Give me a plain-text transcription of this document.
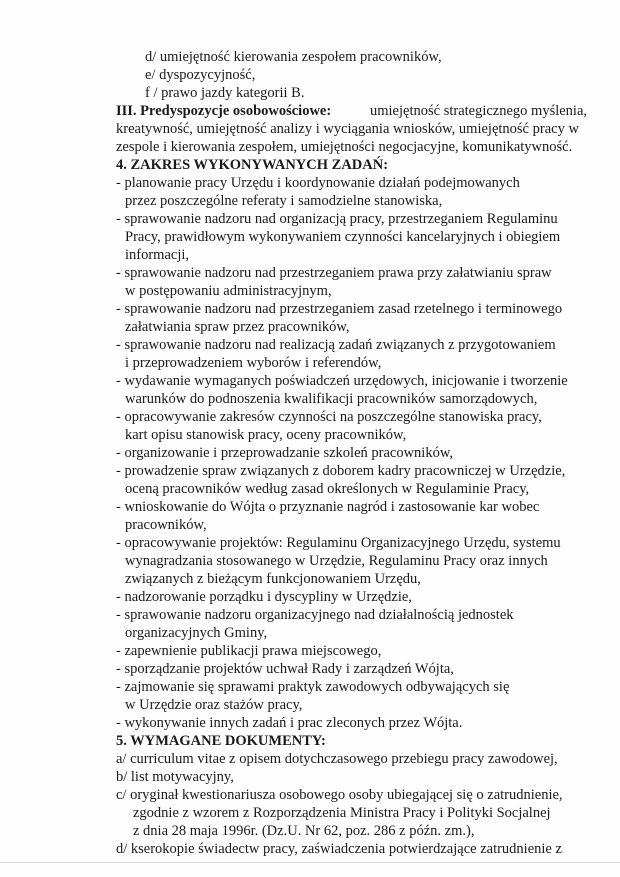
d/ umiejętność kierowania zespołem pracowników,
e/ dyspozycyjność,
f / prawo jazdy kategorii B.
III. Predyspozycje osobowościowe:	umiejętność strategicznego myślenia,
kreatywność, umiejętność analizy i wyciągania wniosków, umiejętność pracy w
zespole i kierowania zespołem, umiejętności negocjacyjne, komunikatywność.
4. ZAKRES WYKONYWANYCH ZADAŃ:
- planowanie pracy Urzędu i koordynowanie działań podejmowanych
przez poszczególne referaty i samodzielne stanowiska,
- sprawowanie nadzoru nad organizacją pracy, przestrzeganiem Regulaminu
Pracy, prawidłowym wykonywaniem czynności kancelaryjnych i obiegiem
informacji,
- sprawowanie nadzoru nad przestrzeganiem prawa przy załatwianiu spraw
w postępowaniu administracyjnym,
- sprawowanie nadzoru nad przestrzeganiem zasad rzetelnego i terminowego
załatwiania spraw przez pracowników,
- sprawowanie nadzoru nad realizacją zadań związanych z przygotowaniem
i przeprowadzeniem wyborów i referendów,
- wydawanie wymaganych poświadczeń urzędowych, inicjowanie i tworzenie
warunków do podnoszenia kwalifikacji pracowników samorządowych,
- opracowywanie zakresów czynności na poszczególne stanowiska pracy,
kart opisu stanowisk pracy, oceny pracowników,
- organizowanie i przeprowadzanie szkoleń pracowników,
- prowadzenie spraw związanych z doborem kadry pracowniczej w Urzędzie,
oceną pracowników według zasad określonych w Regulaminie Pracy,
- wnioskowanie do Wójta o przyznanie nagród i zastosowanie kar wobec
pracowników,
- opracowywanie projektów: Regulaminu Organizacyjnego Urzędu, systemu
wynagradzania stosowanego w Urzędzie, Regulaminu Pracy oraz innych
związanych z bieżącym funkcjonowaniem Urzędu,
- nadzorowanie porządku i dyscypliny w Urzędzie,
- sprawowanie nadzoru organizacyjnego nad działalnością jednostek
organizacyjnych Gminy,
- zapewnienie publikacji prawa miejscowego,
- sporządzanie projektów uchwał Rady i zarządzeń Wójta,
- zajmowanie się sprawami praktyk zawodowych odbywających się
w Urzędzie oraz stażów pracy,
- wykonywanie innych zadań i prac zleconych przez Wójta.
5. WYMAGANE DOKUMENTY:
a/ curriculum vitae z opisem dotychczasowego przebiegu pracy zawodowej,
b/ list motywacyjny,
c/ oryginał kwestionariusza osobowego osoby ubiegającej się o zatrudnienie,
zgodnie z wzorem z Rozporządzenia Ministra Pracy i Polityki Socjalnej
z dnia 28 maja 1996r. (Dz.U. Nr 62, poz. 286 z późn. zm.),
d/ kserokopie świadectw pracy, zaświadczenia potwierdzające zatrudnienie z
